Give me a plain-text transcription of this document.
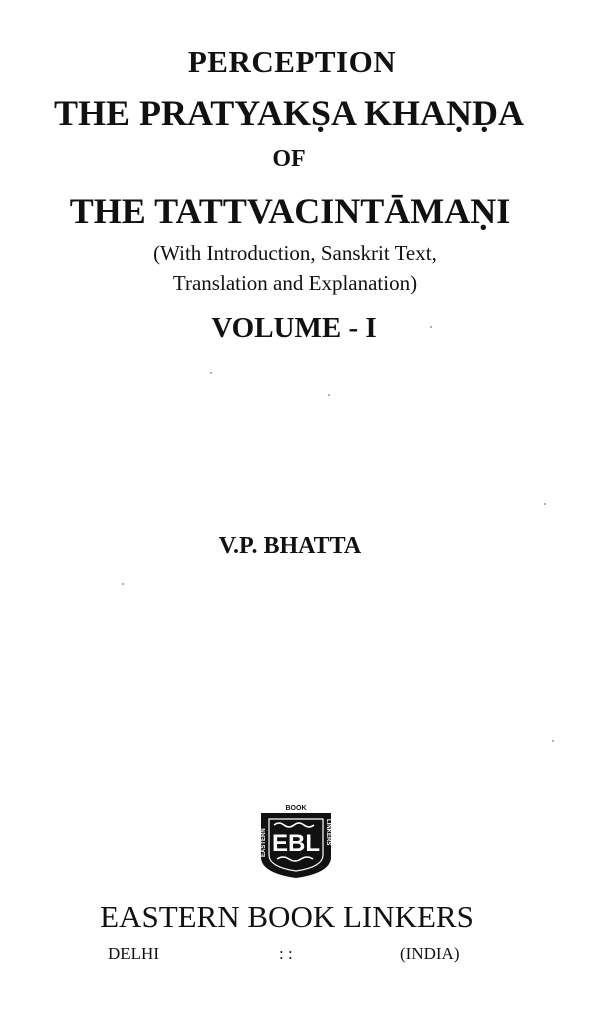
PERCEPTION
THE PRATYAKṢA KHAṆḌA
OF
THE TATTVACINTĀMAṆI
(With Introduction, Sanskrit Text,
Translation and Explanation)
VOLUME - I
V.P. BHATTA
BOOK
EBL
EASTERN	LINKERS
EASTERN BOOK LINKERS
DELHI	: :	(INDIA)
